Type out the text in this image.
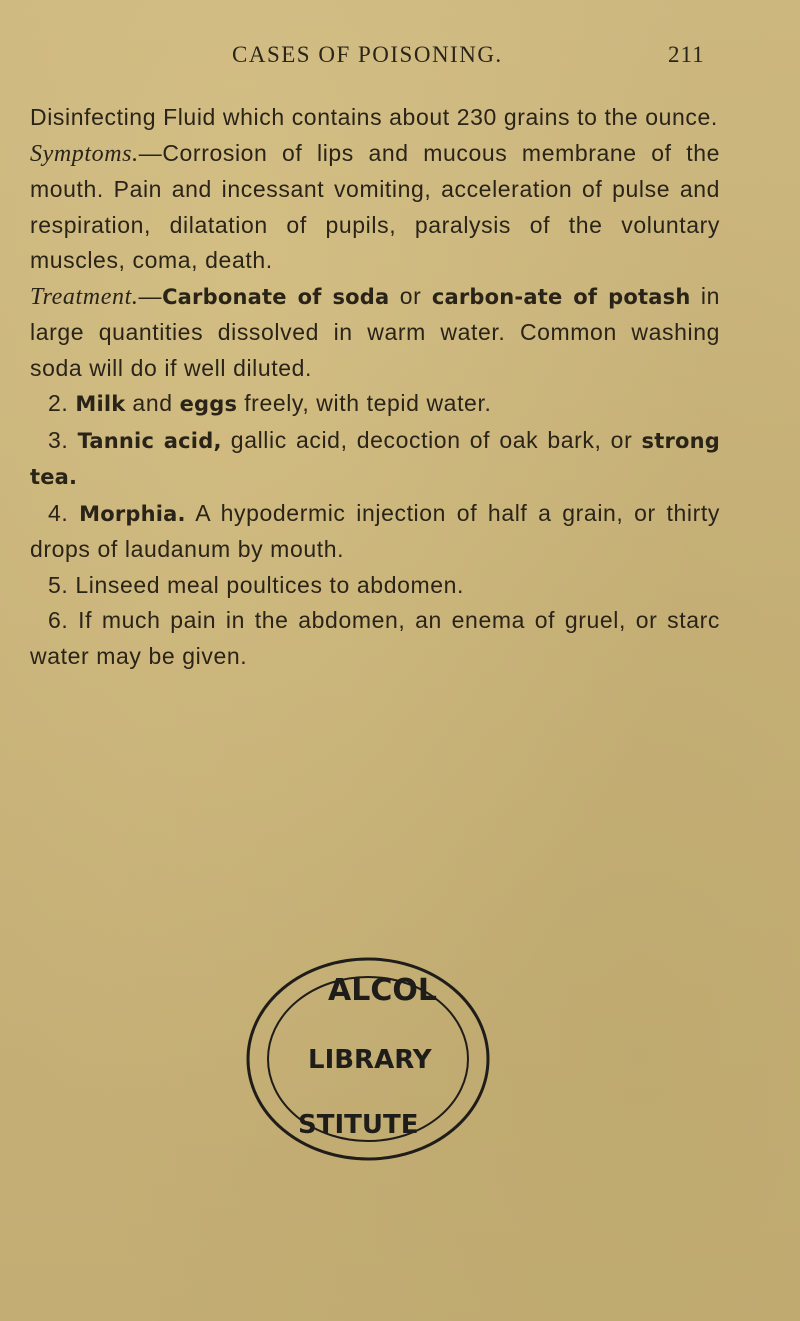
CASES OF POISONING.	211

Disinfecting Fluid which contains about 230 grains to the ounce.

Symptoms.—Corrosion of lips and mucous membrane of the mouth. Pain and incessant vomiting, acceleration of pulse and respiration, dilatation of pupils, paralysis of the voluntary muscles, coma, death.

Treatment.—Carbonate of soda or carbon-ate of potash in large quantities dissolved in warm water. Common washing soda will do if well diluted.

2. Milk and eggs freely, with tepid water.

3. Tannic acid, gallic acid, decoction of oak bark, or strong tea.

4. Morphia. A hypodermic injection of half a grain, or thirty drops of laudanum by mouth.

5. Linseed meal poultices to abdomen.

6. If much pain in the abdomen, an enema of gruel, or starc     water may be given.

ALCOL
LIBRARY
STITUTE
